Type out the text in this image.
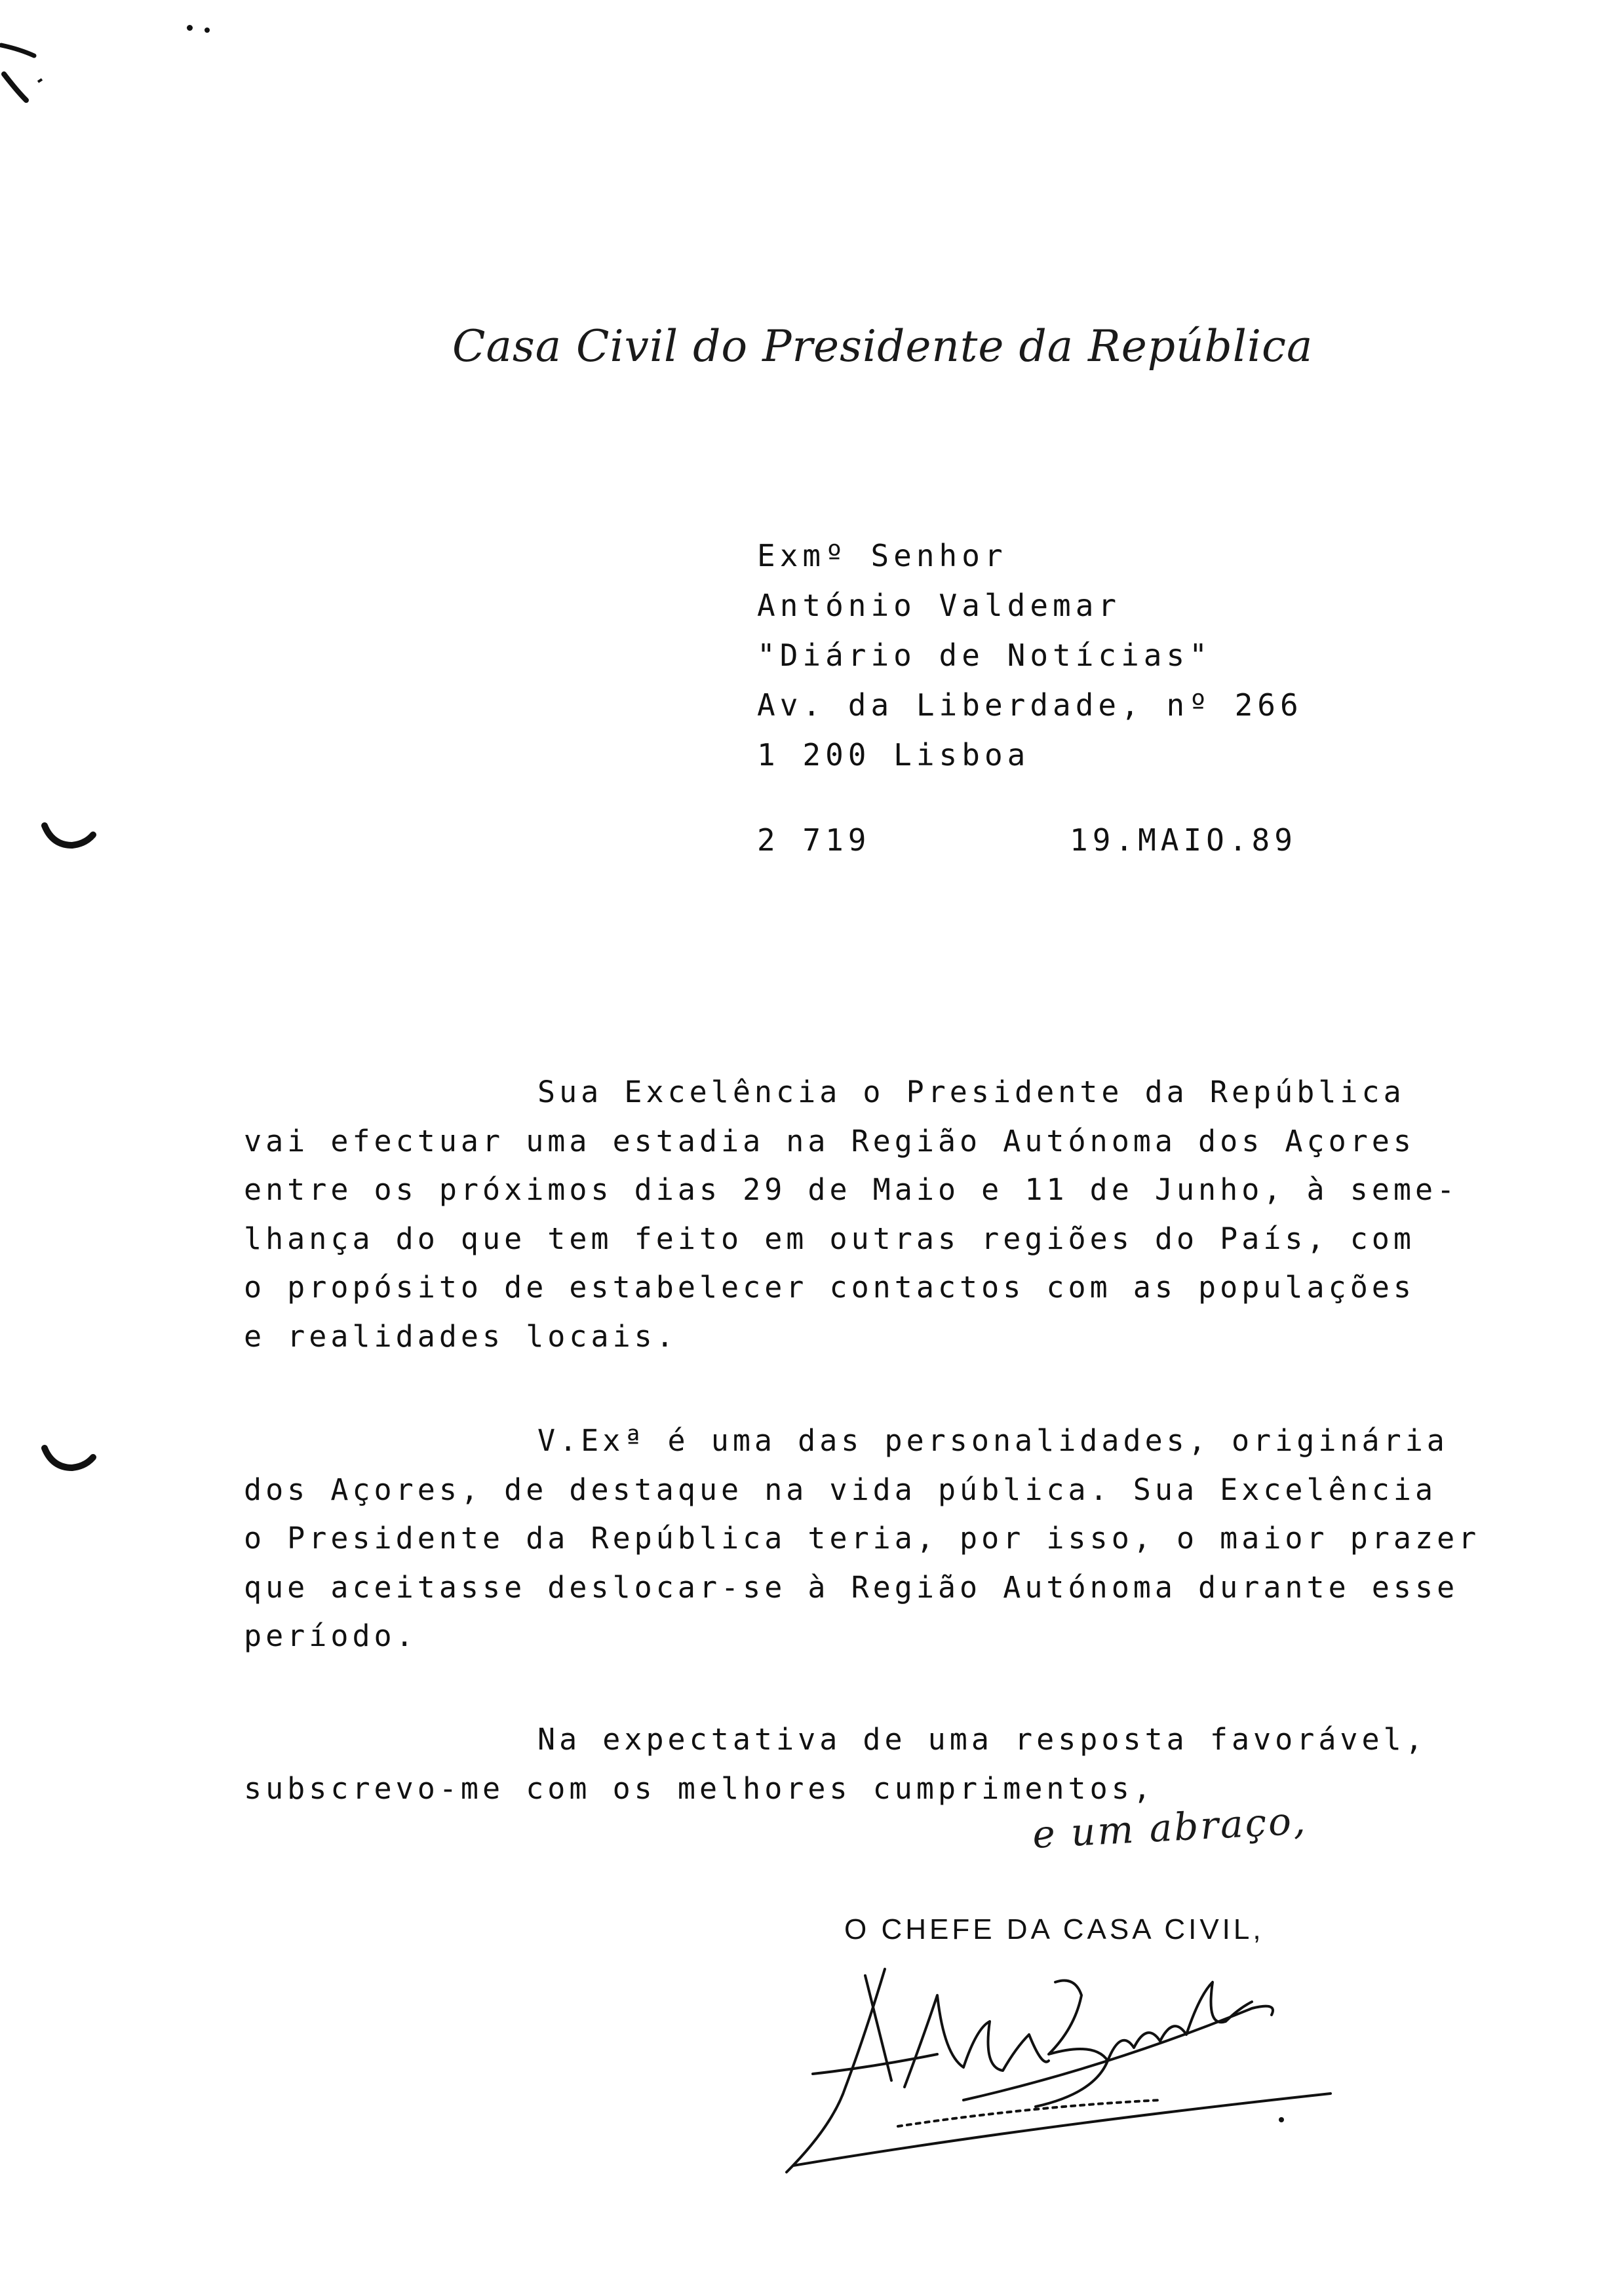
Casa Civil do Presidente da República
Exmº Senhor
António Valdemar
"Diário de Notícias"
Av. da Liberdade, nº 266
1 200 Lisboa
2 719	19.MAIO.89
Sua Excelência o Presidente da República
vai efectuar uma estadia na Região Autónoma dos Açores
entre os próximos dias 29 de Maio e 11 de Junho, à seme-
lhança do que tem feito em outras regiões do País, com
o propósito de estabelecer contactos com as populações
e realidades locais.
V.Exª é uma das personalidades, originária
dos Açores, de destaque na vida pública. Sua Excelência
o Presidente da República teria, por isso, o maior prazer
que aceitasse deslocar-se à Região Autónoma durante esse
período.
Na expectativa de uma resposta favorável,
subscrevo-me com os melhores cumprimentos,
e um abraço,
O CHEFE DA CASA CIVIL,
